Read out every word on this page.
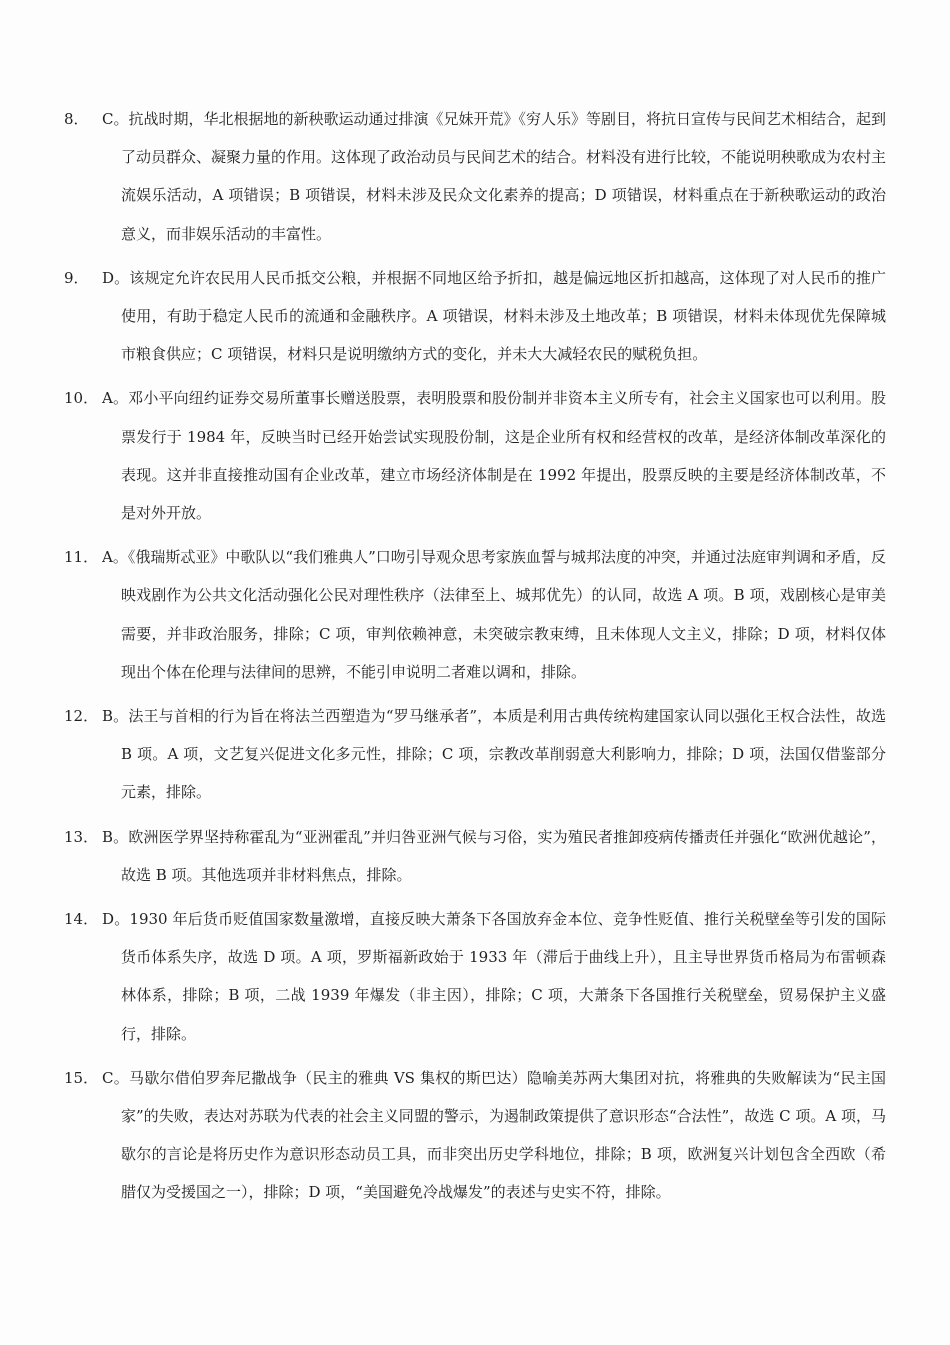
8． C。抗战时期，华北根据地的新秧歌运动通过排演《兄妹开荒》《穷人乐》等剧目，将抗日宣传与民间艺术相结合，起到了动员群众、凝聚力量的作用。这体现了政治动员与民间艺术的结合。材料没有进行比较，不能说明秧歌成为农村主流娱乐活动，A 项错误；B 项错误，材料未涉及民众文化素养的提高；D 项错误，材料重点在于新秧歌运动的政治意义，而非娱乐活动的丰富性。

9． D。该规定允许农民用人民币抵交公粮，并根据不同地区给予折扣，越是偏远地区折扣越高，这体现了对人民币的推广使用，有助于稳定人民币的流通和金融秩序。A 项错误，材料未涉及土地改革；B 项错误，材料未体现优先保障城市粮食供应；C 项错误，材料只是说明缴纳方式的变化，并未大大减轻农民的赋税负担。

10． A。邓小平向纽约证券交易所董事长赠送股票，表明股票和股份制并非资本主义所专有，社会主义国家也可以利用。股票发行于 1984 年，反映当时已经开始尝试实现股份制，这是企业所有权和经营权的改革，是经济体制改革深化的表现。这并非直接推动国有企业改革，建立市场经济体制是在 1992 年提出，股票反映的主要是经济体制改革，不是对外开放。

11． A。《俄瑞斯忒亚》中歌队以“我们雅典人”口吻引导观众思考家族血誓与城邦法度的冲突，并通过法庭审判调和矛盾，反映戏剧作为公共文化活动强化公民对理性秩序（法律至上、城邦优先）的认同，故选 A 项。B 项，戏剧核心是审美需要，并非政治服务，排除；C 项，审判依赖神意，未突破宗教束缚，且未体现人文主义，排除；D 项，材料仅体现出个体在伦理与法律间的思辨，不能引申说明二者难以调和，排除。

12． B。法王与首相的行为旨在将法兰西塑造为“罗马继承者”，本质是利用古典传统构建国家认同以强化王权合法性，故选 B 项。A 项，文艺复兴促进文化多元性，排除；C 项，宗教改革削弱意大利影响力，排除；D 项，法国仅借鉴部分元素，排除。

13． B。欧洲医学界坚持称霍乱为“亚洲霍乱”并归咎亚洲气候与习俗，实为殖民者推卸疫病传播责任并强化“欧洲优越论”，故选 B 项。其他选项并非材料焦点，排除。

14． D。1930 年后货币贬值国家数量激增，直接反映大萧条下各国放弃金本位、竞争性贬值、推行关税壁垒等引发的国际货币体系失序，故选 D 项。A 项，罗斯福新政始于 1933 年（滞后于曲线上升），且主导世界货币格局为布雷顿森林体系，排除；B 项，二战 1939 年爆发（非主因），排除；C 项，大萧条下各国推行关税壁垒，贸易保护主义盛行，排除。

15． C。马歇尔借伯罗奔尼撒战争（民主的雅典 VS 集权的斯巴达）隐喻美苏两大集团对抗，将雅典的失败解读为“民主国家”的失败，表达对苏联为代表的社会主义同盟的警示，为遏制政策提供了意识形态“合法性”，故选 C 项。A 项，马歇尔的言论是将历史作为意识形态动员工具，而非突出历史学科地位，排除；B 项，欧洲复兴计划包含全西欧（希腊仅为受援国之一），排除；D 项，“美国避免冷战爆发”的表述与史实不符，排除。
